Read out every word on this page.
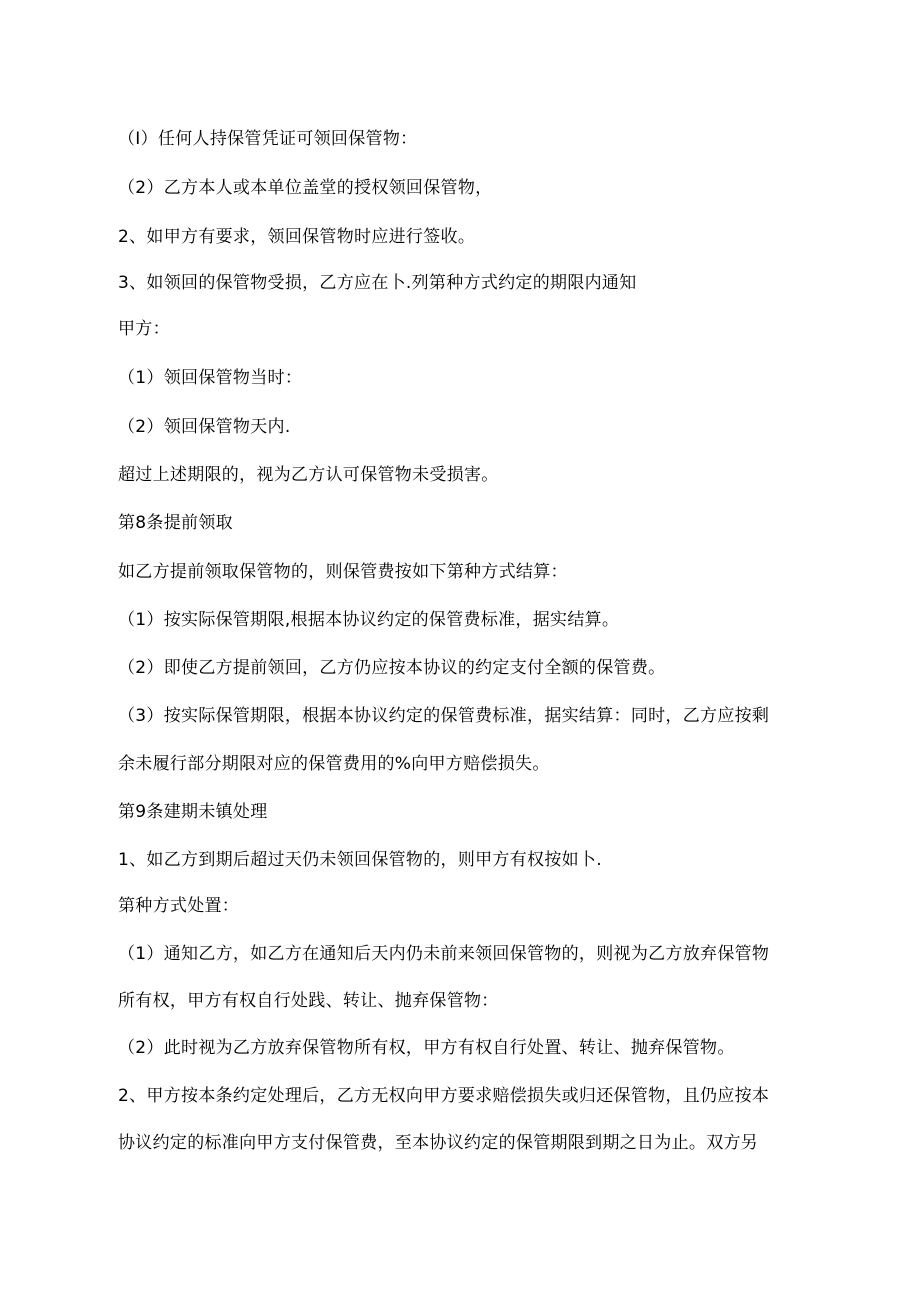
（I）任何人持保管凭证可领回保管物：
（2）乙方本人或本单位盖堂的授权领回保管物，
2、如甲方有要求，领回保管物时应进行签收。
3、如领回的保管物受损，乙方应在卜.列第种方式约定的期限内通知
甲方：
（1）领回保管物当时：
（2）领回保管物天内.
超过上述期限的，视为乙方认可保管物未受损害。
第8条提前领取
如乙方提前领取保管物的，则保管费按如下第种方式结算：
（1）按实际保管期限,根据本协议约定的保管费标准，据实结算。
（2）即使乙方提前领回，乙方仍应按本协议的约定支付全额的保管费。
（3）按实际保管期限，根据本协议约定的保管费标准，据实结算：同时，乙方应按剩
余未履行部分期限对应的保管费用的%向甲方赔偿损失。
第9条建期未镇处理
1、如乙方到期后超过天仍未领回保管物的，则甲方有权按如卜.
第种方式处置：
（1）通知乙方，如乙方在通知后天内仍未前来领回保管物的，则视为乙方放弃保管物
所有权，甲方有权自行处践、转让、抛弃保管物：
（2）此时视为乙方放弃保管物所有权，甲方有权自行处置、转让、抛弃保管物。
2、甲方按本条约定处理后，乙方无权向甲方要求赔偿损失或归还保管物，且仍应按本
协议约定的标准向甲方支付保管费，至本协议约定的保管期限到期之日为止。双方另
